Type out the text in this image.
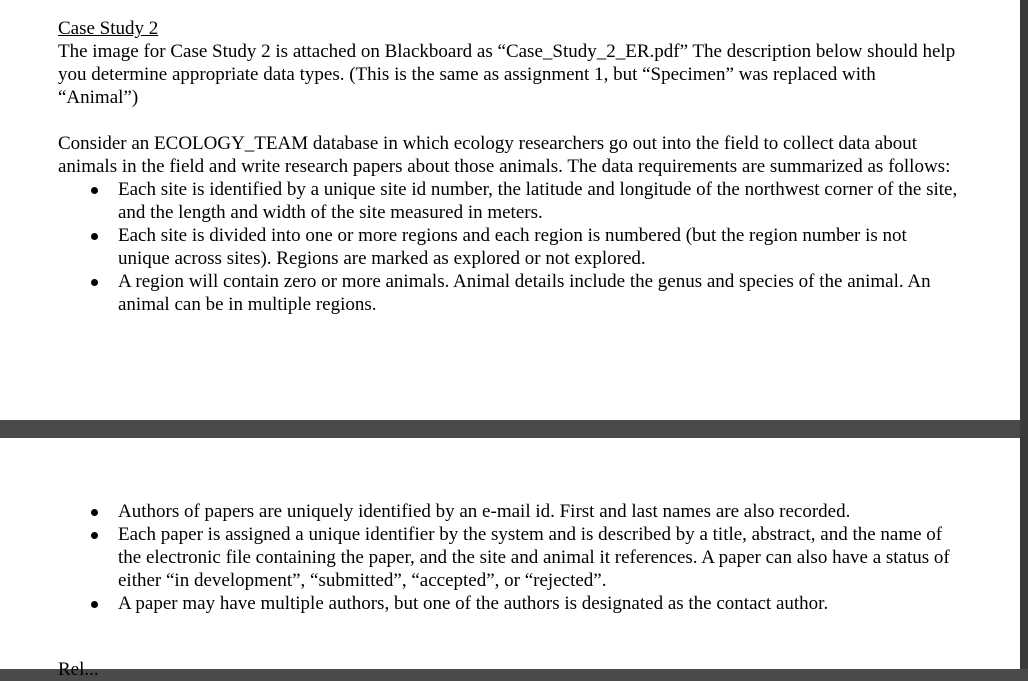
Case Study 2

The image for Case Study 2 is attached on Blackboard as “Case_Study_2_ER.pdf” The description below should help you determine appropriate data types. (This is the same as assignment 1, but “Specimen” was replaced with “Animal”)

Consider an ECOLOGY_TEAM database in which ecology researchers go out into the field to collect data about animals in the field and write research papers about those animals. The data requirements are summarized as follows:

Each site is identified by a unique site id number, the latitude and longitude of the northwest corner of the site, and the length and width of the site measured in meters.
Each site is divided into one or more regions and each region is numbered (but the region number is not unique across sites). Regions are marked as explored or not explored.
A region will contain zero or more animals. Animal details include the genus and species of the animal. An animal can be in multiple regions.
Authors of papers are uniquely identified by an e-mail id. First and last names are also recorded.
Each paper is assigned a unique identifier by the system and is described by a title, abstract, and the name of the electronic file containing the paper, and the site and animal it references. A paper can also have a status of either “in development”, “submitted”, “accepted”, or “rejected”.
A paper may have multiple authors, but one of the authors is designated as the contact author.
Rel...
